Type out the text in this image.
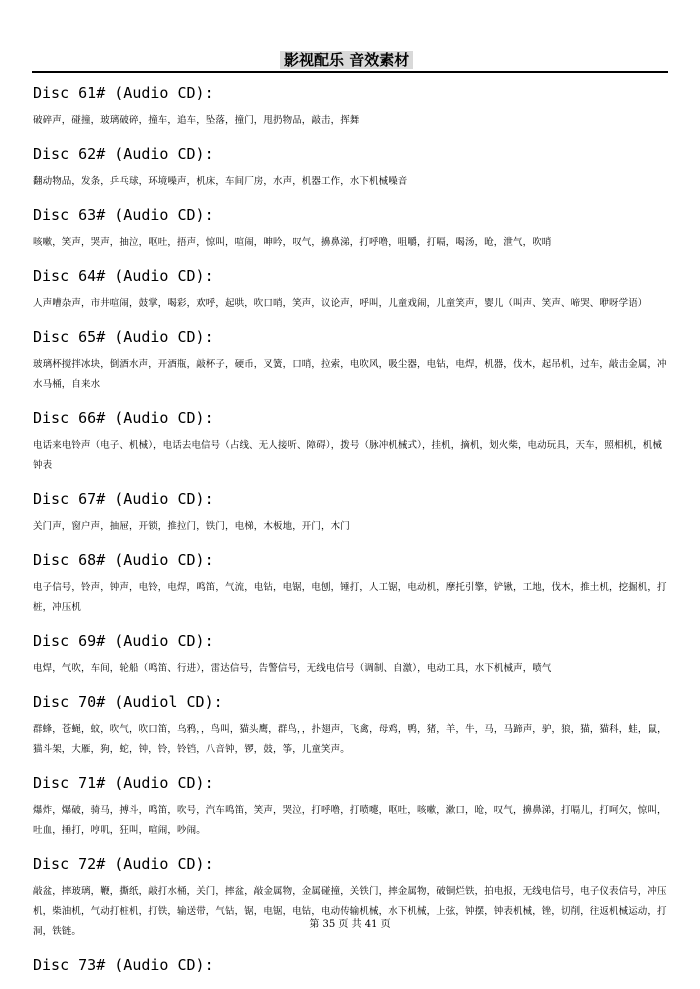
影视配乐 音效素材
Disc 61# (Audio CD):
破碎声，碰撞，玻璃破碎，撞车，追车，坠落，撞门，甩扔物品，敲击，挥舞
Disc 62# (Audio CD):
翻动物品，发条，乒乓球，环境噪声，机床，车间厂房，水声，机器工作，水下机械噪音
Disc 63# (Audio CD):
咳嗽，笑声，哭声，抽泣，呕吐，捂声，惊叫，喧闹，呻吟，叹气，擤鼻涕，打呼噜，咀嚼，打嗝，喝汤，呛，泄气，吹哨
Disc 64# (Audio CD):
人声嘈杂声，市井喧闹，鼓掌，喝彩，欢呼，起哄，吹口哨，笑声，议论声，呼叫，儿童戏闹，儿童笑声，婴儿（叫声、笑声、啼哭、咿呀学语）
Disc 65# (Audio CD):
玻璃杯搅拌冰块，倒酒水声，开酒瓶，敲杯子，硬币，叉簧，口哨，拉索，电吹风，吸尘器，电钻，电焊，机器，伐木，起吊机，过车，敲击金属，冲水马桶，自来水
Disc 66# (Audio CD):
电话来电铃声（电子、机械），电话去电信号（占线、无人接听、障碍），拨号（脉冲机械式），挂机，摘机，划火柴，电动玩具，天车，照相机，机械钟表
Disc 67# (Audio CD):
关门声，窗户声，抽屉，开锁，推拉门，铁门，电梯，木板地，开门，木门
Disc 68# (Audio CD):
电子信号，铃声，钟声，电铃，电焊，鸣笛，气流，电钻，电锯，电刨，锤打，人工锯，电动机，摩托引擎，铲锹，工地，伐木，推土机，挖掘机，打桩，冲压机
Disc 69# (Audio CD):
电焊，气吹，车间，轮船（鸣笛、行进），雷达信号，告警信号，无线电信号（调制、自激），电动工具，水下机械声，喷气
Disc 70# (Audiol CD):
群蜂，苍蝇，蚊，吹气，吹口笛，乌鸦，，鸟叫，猫头鹰，群鸟，，扑翅声，飞禽，母鸡，鸭，猪，羊，牛，马，马蹄声，驴，狼，猫，猫科，蛙，鼠，猫斗架，大雁，狗，蛇，钟，铃，铃铛，八音钟，锣，鼓，筝，儿童笑声。
Disc 71# (Audio CD):
爆炸，爆破，骑马，搏斗，鸣笛，吹号，汽车鸣笛，笑声，哭泣，打呼噜，打喷嚏，呕吐，咳嗽，漱口，呛，叹气，擤鼻涕，打嗝儿，打呵欠，惊叫，吐血，捶打，哼叽，狂叫，喧闹，吵闹。
Disc 72# (Audio CD):
敲盆，摔玻璃，鞭，撕纸，敲打水桶，关门，摔盆，敲金属物，金属碰撞，关铁门，摔金属物，破铜烂铁，拍电报，无线电信号，电子仪表信号，冲压机，柴油机，气动打桩机，打铁，输送带，气钻，锯，电锯，电钻，电动传输机械，水下机械，上弦，钟摆，钟表机械，锉，切削，往返机械运动，打洞，铁链。
Disc 73# (Audio CD):
第 35 页 共 41 页
